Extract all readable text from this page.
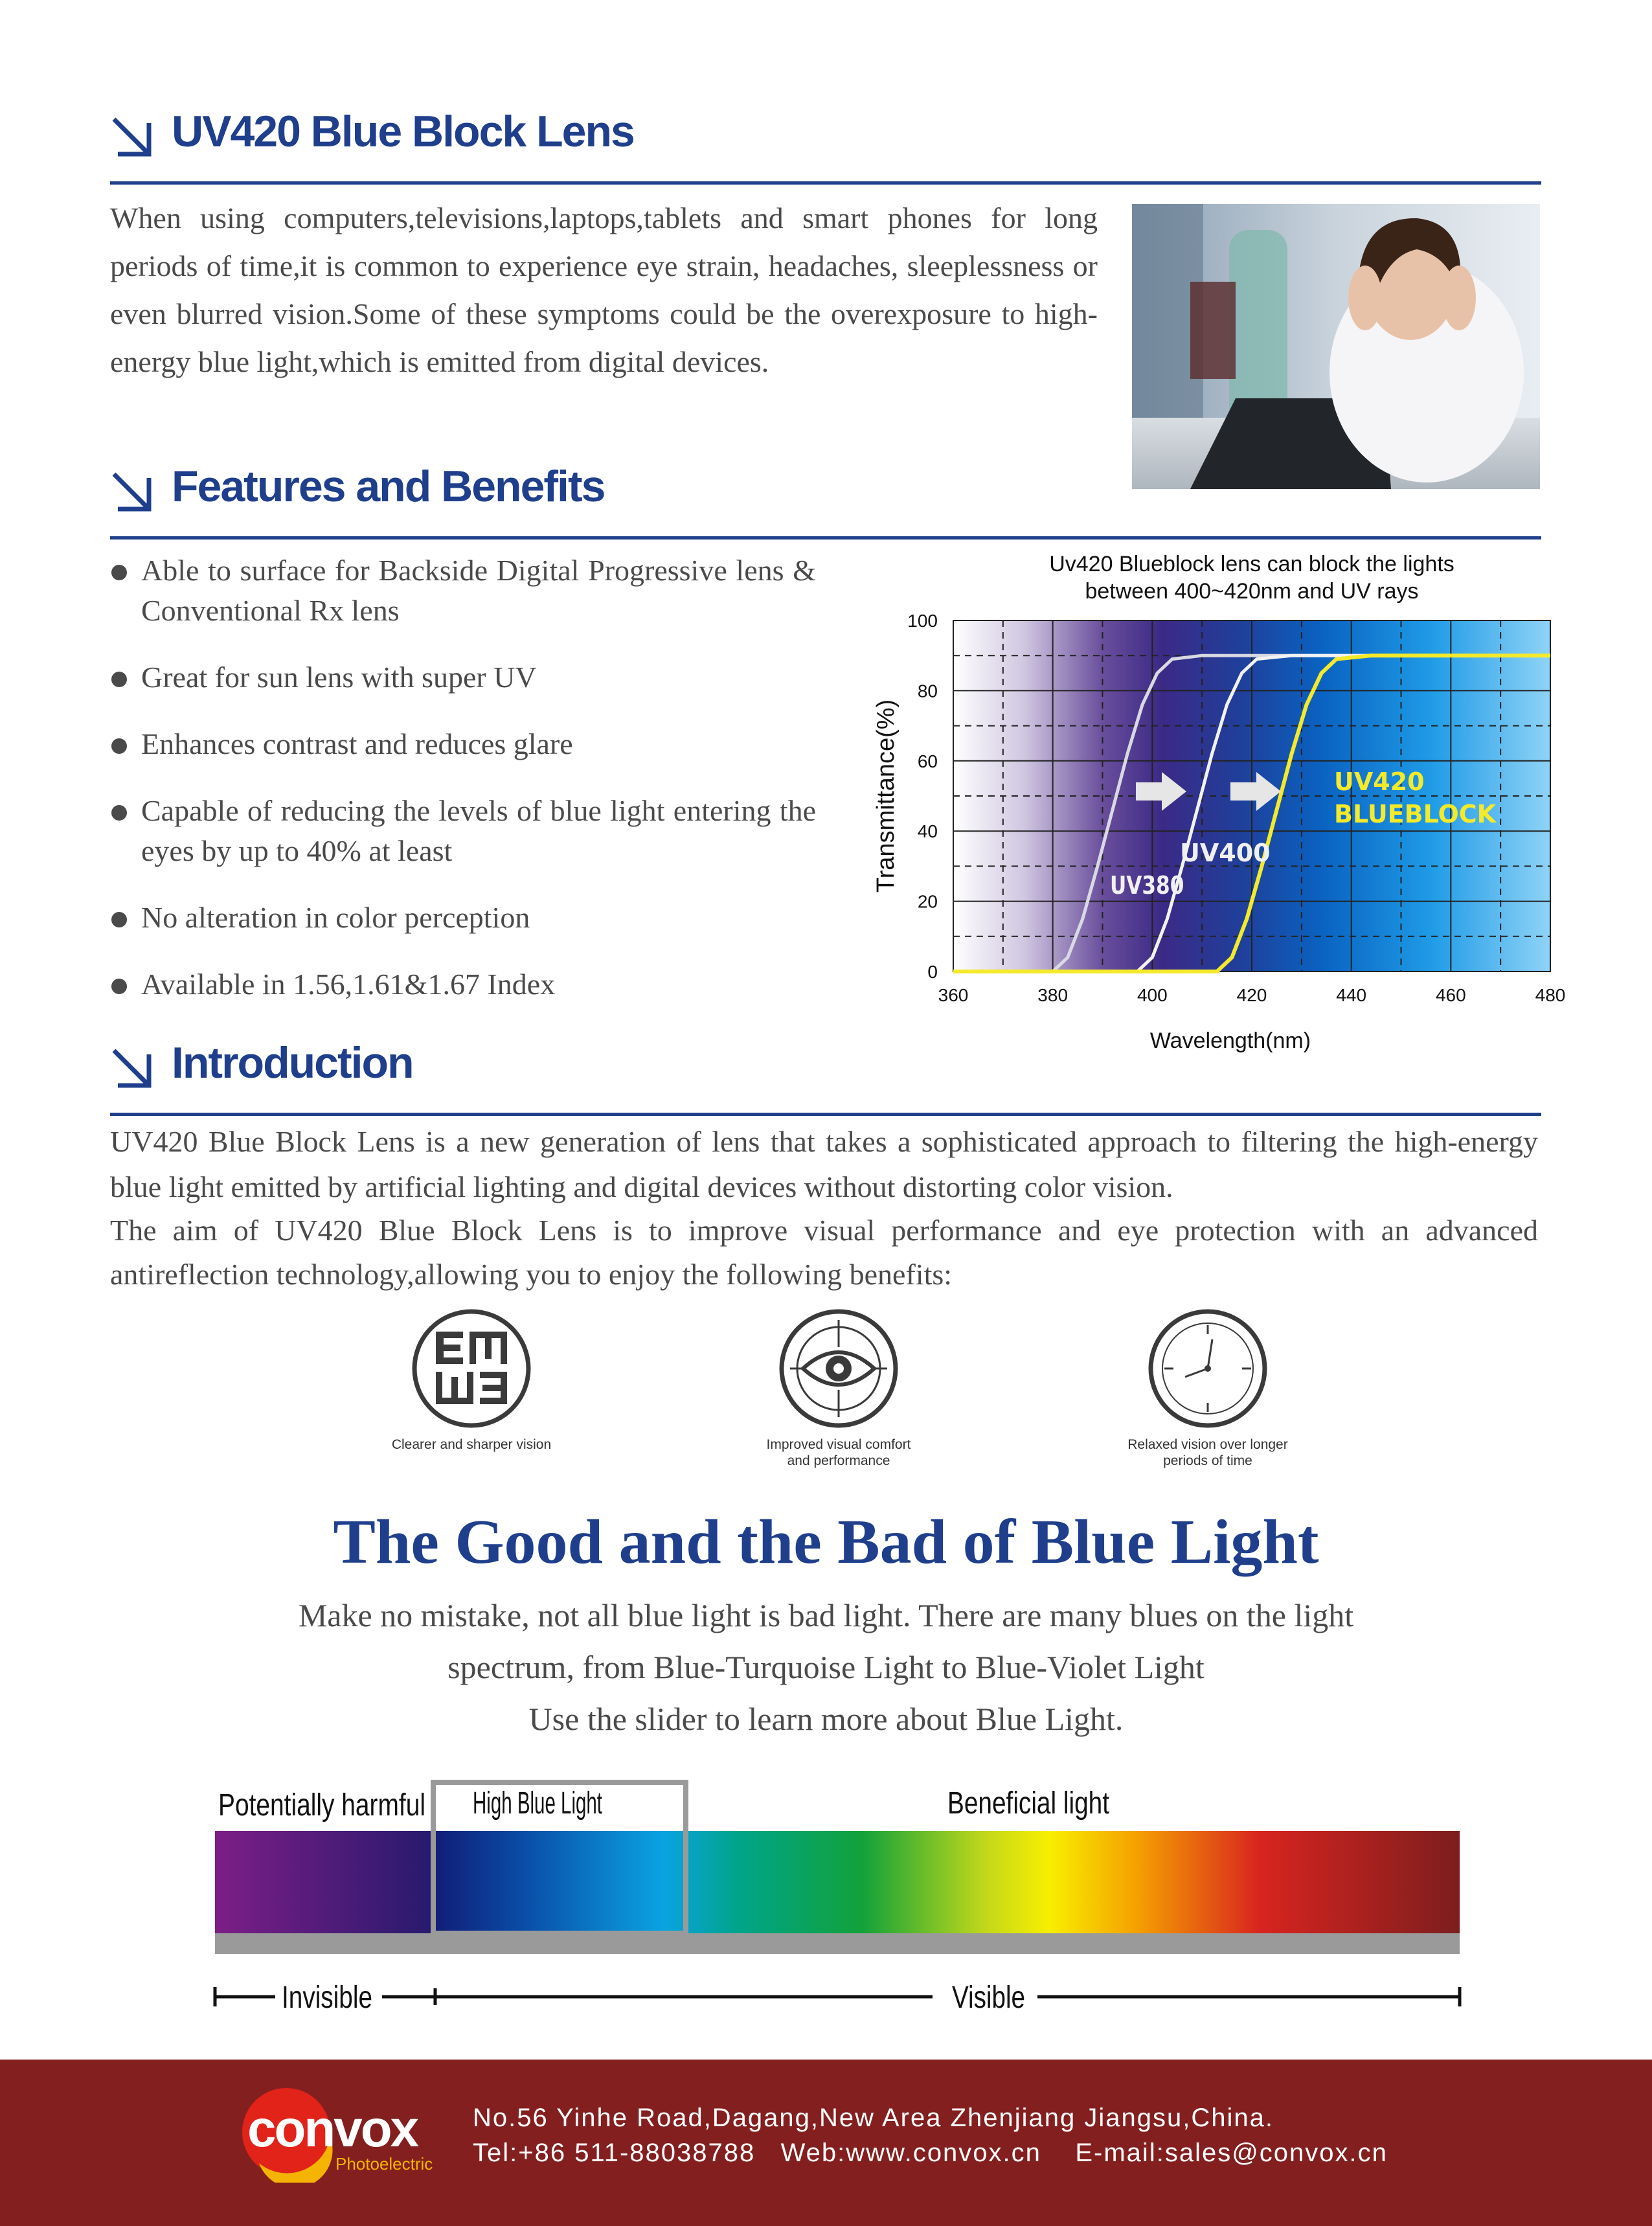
UV420 Blue Block Lens
When using computers,televisions,laptops,tablets and smart phones for long periods of time,it is common to experience eye strain, headaches, sleeplessness or even blurred vision.Some of these symptoms could be the overexposure to high-energy blue light,which is emitted from digital devices.
Features and Benefits
Able to surface for Backside Digital Progressive lens & Conventional Rx lens
Great for sun lens with super UV
Enhances contrast and reduces glare
Capable of reducing the levels of blue light entering the eyes by up to 40% at least
No alteration in color perception
Available in 1.56,1.61&1.67 Index
Uv420 Blueblock lens can block the lights
between 400~420nm and UV rays
360	380	400	420	440	460	480
0
20
40
60
80
100
UV380
UV400
UV420
BLUEBLOCK
Wavelength(nm)
Transmittance(%)
Introduction
UV420 Blue Block Lens is a new generation of lens that takes a sophisticated approach to filtering the high-energy blue light emitted by artificial lighting and digital devices without distorting color vision.
The aim of UV420 Blue Block Lens is to improve visual performance and eye protection with an advanced antireflection technology,allowing you to enjoy the following benefits:
Clearer and sharper vision	Improved visual comfort
and performance
Relaxed vision over longer
periods of time
The Good and the Bad of Blue Light
Make no mistake, not all blue light is bad light. There are many blues on the light
spectrum, from Blue-Turquoise Light to Blue-Violet Light
Use the slider to learn more about Blue Light.
Potentially harmful High Blue Light	Beneficial light
Invisible	Visible
convox
Photoelectric
No.56 Yinhe Road,Dagang,New Area Zhenjiang Jiangsu,China.
Tel:+86 511-88038788   Web:www.convox.cn    E-mail:sales@convox.cn
